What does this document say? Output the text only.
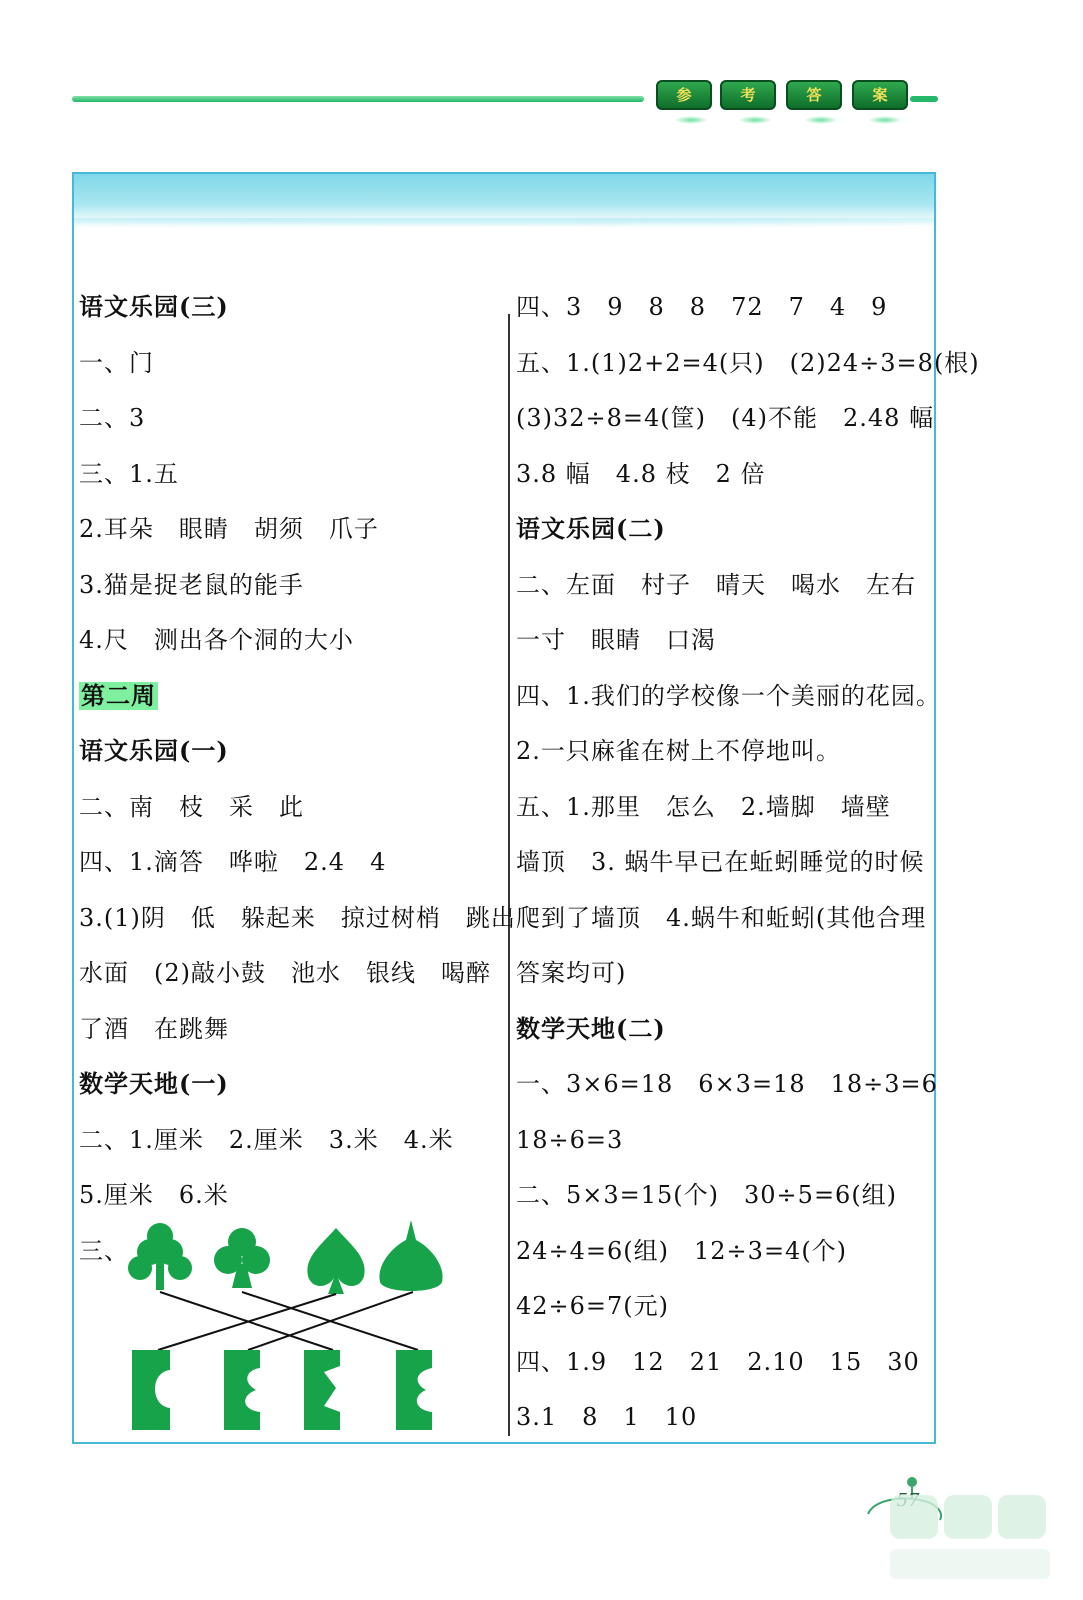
参	考	答	案
语文乐园(三)
一、门
二、3
三、1.五
2.耳朵　眼睛　胡须　爪子
3.猫是捉老鼠的能手
4.尺　测出各个洞的大小
第二周
语文乐园(一)
二、南　枝　采　此
四、1.滴答　哗啦　2.4　4
3.(1)阴　低　躲起来　掠过树梢　跳出
水面　(2)敲小鼓　池水　银线　喝醉
了酒　在跳舞
数学天地(一)
二、1.厘米　2.厘米　3.米　4.米
5.厘米　6.米
三、
四、3　9　8　8　72　7　4　9
五、1.(1)2+2=4(只)　(2)24÷3=8(根)
(3)32÷8=4(筐)　(4)不能　2.48 幅
3.8 幅　4.8 枝　2 倍
语文乐园(二)
二、左面　村子　晴天　喝水　左右
一寸　眼睛　口渴
四、1.我们的学校像一个美丽的花园。
2.一只麻雀在树上不停地叫。
五、1.那里　怎么　2.墙脚　墙壁
墙顶　3. 蜗牛早已在蚯蚓睡觉的时候
爬到了墙顶　4.蜗牛和蚯蚓(其他合理
答案均可)
数学天地(二)
一、3×6=18　6×3=18　18÷3=6
18÷6=3
二、5×3=15(个)　30÷5=6(组)
24÷4=6(组)　12÷3=4(个)
42÷6=7(元)
四、1.9　12　21　2.10　15　30
3.1　8　1　10
